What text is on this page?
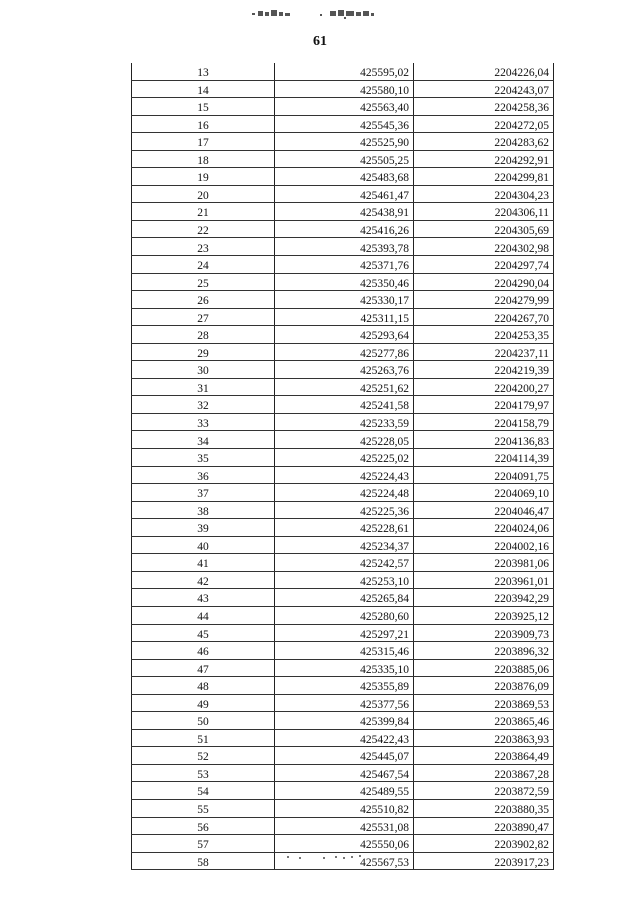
61
13	425595,02	2204226,04
14	425580,10	2204243,07
15	425563,40	2204258,36
16	425545,36	2204272,05
17	425525,90	2204283,62
18	425505,25	2204292,91
19	425483,68	2204299,81
20	425461,47	2204304,23
21	425438,91	2204306,11
22	425416,26	2204305,69
23	425393,78	2204302,98
24	425371,76	2204297,74
25	425350,46	2204290,04
26	425330,17	2204279,99
27	425311,15	2204267,70
28	425293,64	2204253,35
29	425277,86	2204237,11
30	425263,76	2204219,39
31	425251,62	2204200,27
32	425241,58	2204179,97
33	425233,59	2204158,79
34	425228,05	2204136,83
35	425225,02	2204114,39
36	425224,43	2204091,75
37	425224,48	2204069,10
38	425225,36	2204046,47
39	425228,61	2204024,06
40	425234,37	2204002,16
41	425242,57	2203981,06
42	425253,10	2203961,01
43	425265,84	2203942,29
44	425280,60	2203925,12
45	425297,21	2203909,73
46	425315,46	2203896,32
47	425335,10	2203885,06
48	425355,89	2203876,09
49	425377,56	2203869,53
50	425399,84	2203865,46
51	425422,43	2203863,93
52	425445,07	2203864,49
53	425467,54	2203867,28
54	425489,55	2203872,59
55	425510,82	2203880,35
56	425531,08	2203890,47
57	425550,06	2203902,82
58	425567,53	2203917,23
